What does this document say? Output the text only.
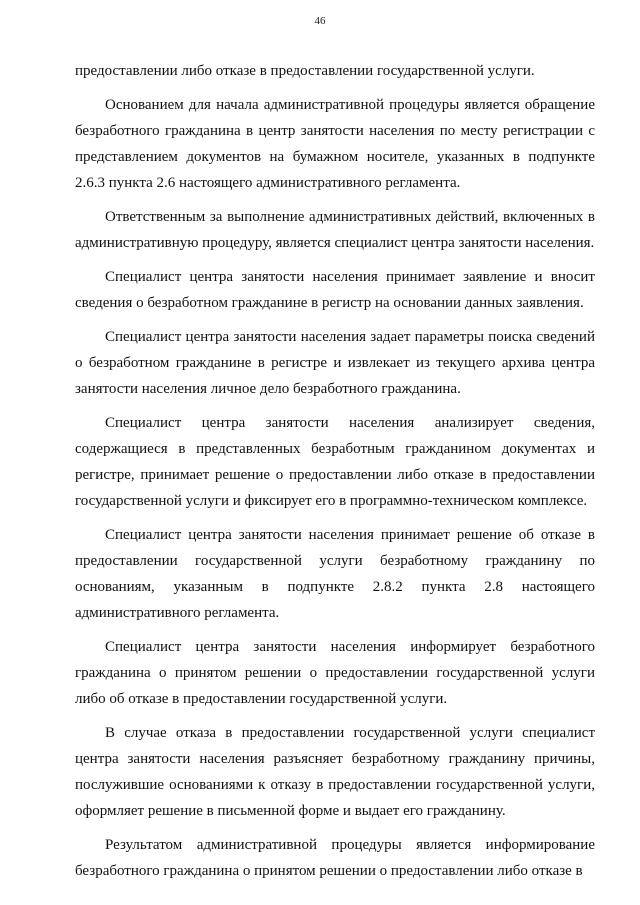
46

предоставлении либо отказе в предоставлении государственной услуги.

Основанием для начала административной процедуры является обращение безработного гражданина в центр занятости населения по месту регистрации с представлением документов на бумажном носителе, указанных в подпункте 2.6.3 пункта 2.6 настоящего административного регламента.

Ответственным за выполнение административных действий, включенных в административную процедуру, является специалист центра занятости населения.

Специалист центра занятости населения принимает заявление и вносит сведения о безработном гражданине в регистр на основании данных заявления.

Специалист центра занятости населения задает параметры поиска сведений о безработном гражданине в регистре и извлекает из текущего архива центра занятости населения личное дело безработного гражданина.

Специалист центра занятости населения анализирует сведения, содержащиеся в представленных безработным гражданином документах и регистре, принимает решение о предоставлении либо отказе в предоставлении государственной услуги и фиксирует его в программно-техническом комплексе.

Специалист центра занятости населения принимает решение об отказе в предоставлении государственной услуги безработному гражданину по основаниям, указанным в подпункте 2.8.2 пункта 2.8 настоящего административного регламента.

Специалист центра занятости населения информирует безработного гражданина о принятом решении о предоставлении государственной услуги либо об отказе в предоставлении государственной услуги.

В случае отказа в предоставлении государственной услуги специалист центра занятости населения разъясняет безработному гражданину причины, послужившие основаниями к отказу в предоставлении государственной услуги, оформляет решение в письменной форме и выдает его гражданину.

Результатом административной процедуры является информирование безработного гражданина о принятом решении о предоставлении либо отказе в
